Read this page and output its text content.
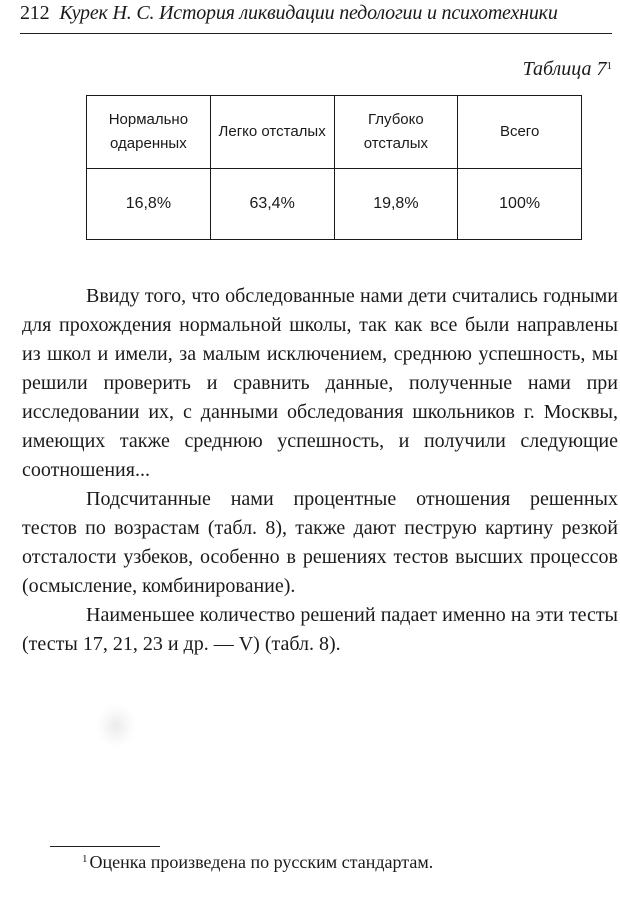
212 Курек Н. С. История ликвидации педологии и психотехники
Таблица $7^1$
Нормально одаренных	Легко отсталых	Глубоко отсталых	Всего
16,8%	63,4%	19,8%	100%

Ввиду того, что обследованные нами дети считались годными для прохождения нормальной школы, так как все были направлены из школ и имели, за малым исключением, среднюю успешность, мы решили проверить и сравнить данные, полученные нами при исследовании их, с данными обследования школьников г. Москвы, имеющих также среднюю успешность, и получили следующие соотношения...

Подсчитанные нами процентные отношения решенных тестов по возрастам (табл. 8), также дают пеструю картину резкой отсталости узбеков, особенно в решениях тестов высших процессов (осмысление, комбинирование).

Наименьшее количество решений падает именно на эти тесты (тесты 17, 21, 23 и др. — V) (табл. 8).

$^1$ Оценка произведена по русским стандартам.
